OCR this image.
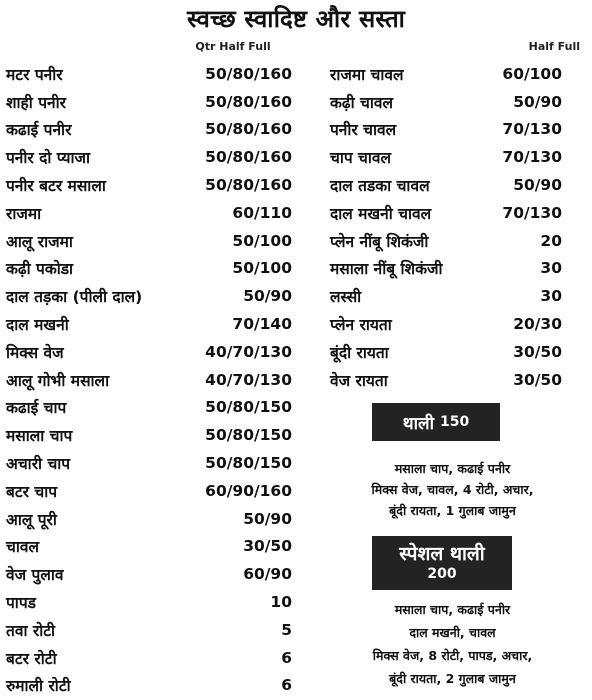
स्वच्छ स्वादिष्ट और सस्ता
Qtr Half Full	Half Full
मटर पनीर	50/80/160
शाही पनीर	50/80/160
कढाई पनीर	50/80/160
पनीर दो प्याजा	50/80/160
पनीर बटर मसाला	50/80/160
राजमा	60/110
आलू राजमा	50/100
कढ़ी पकोडा	50/100
दाल तड़का (पीली दाल)	50/90
दाल मखनी	70/140
मिक्स वेज	40/70/130
आलू गोभी मसाला	40/70/130
कढाई चाप	50/80/150
मसाला चाप	50/80/150
अचारी चाप	50/80/150
बटर चाप	60/90/160
आलू पूरी	50/90
चावल	30/50
वेज पुलाव	60/90
पापड	10
तवा रोटी	5
बटर रोटी	6
रुमाली रोटी	6
राजमा चावल	60/100
कढ़ी चावल	50/90
पनीर चावल	70/130
चाप चावल	70/130
दाल तडका चावल	50/90
दाल मखनी चावल	70/130
प्लेन नींबू शिकंजी	20
मसाला नींबू शिकंजी	30
लस्सी	30
प्लेन रायता	20/30
बूंदी रायता	30/50
वेज रायता	30/50
थाली 150
मसाला चाप, कढाई पनीर
मिक्स वेज, चावल, 4 रोटी, अचार,
बूंदी रायता, 1 गुलाब जामुन
स्पेशल थाली
200
मसाला चाप, कढाई पनीर
दाल मखनी, चावल
मिक्स वेज, 8 रोटी, पापड, अचार,
बूंदी रायता, 2 गुलाब जामुन
